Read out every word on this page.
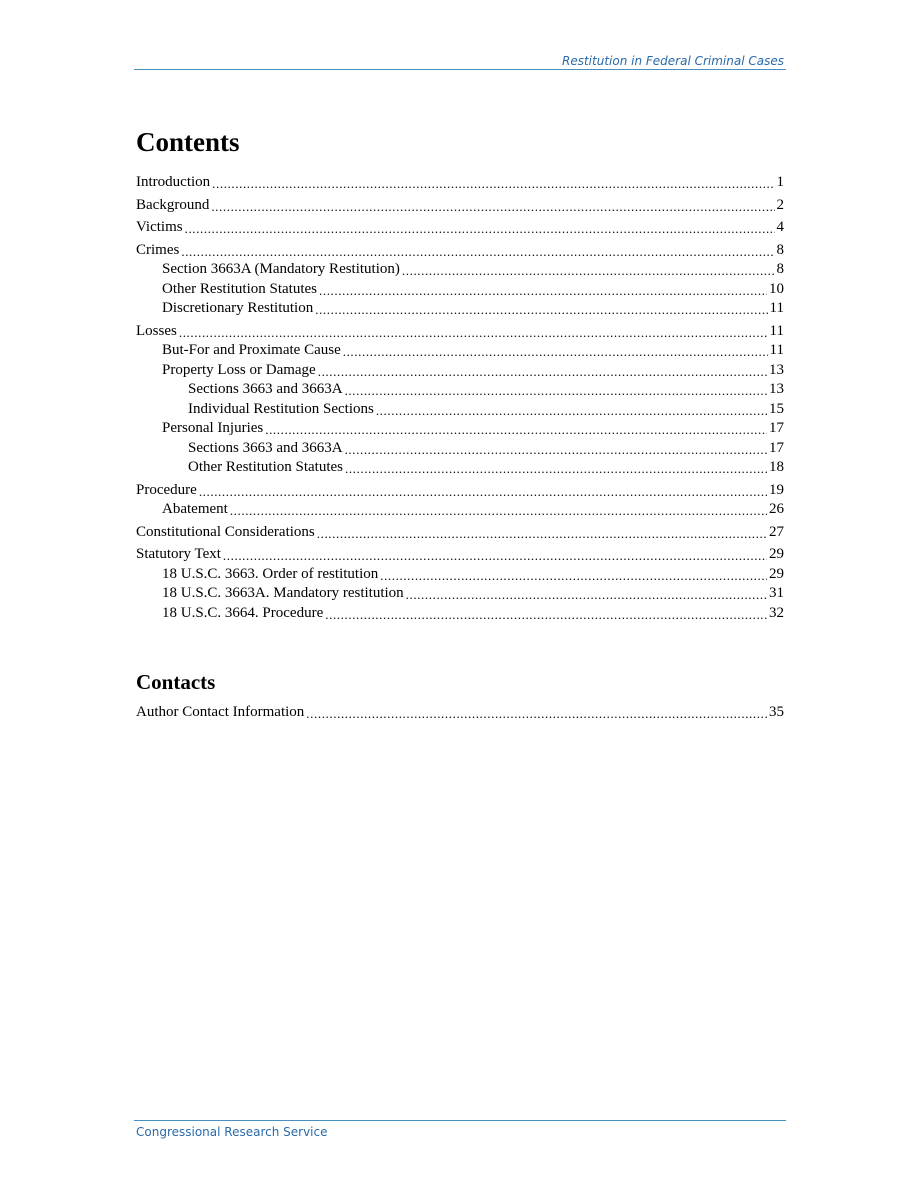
Restitution in Federal Criminal Cases
Contents
Introduction .....	1
Background .....	2
Victims .....	4
Crimes .....	8
Section 3663A (Mandatory Restitution) .....	8
Other Restitution Statutes .....	10
Discretionary Restitution .....	11
Losses .....	11
But-For and Proximate Cause .....	11
Property Loss or Damage .....	13
Sections 3663 and 3663A .....	13
Individual Restitution Sections .....	15
Personal Injuries .....	17
Sections 3663 and 3663A .....	17
Other Restitution Statutes .....	18
Procedure .....	19
Abatement .....	26
Constitutional Considerations .....	27
Statutory Text .....	29
18 U.S.C. 3663. Order of restitution .....	29
18 U.S.C. 3663A. Mandatory restitution .....	31
18 U.S.C. 3664. Procedure .....	32
Contacts
Author Contact Information .....	35
Congressional Research Service
